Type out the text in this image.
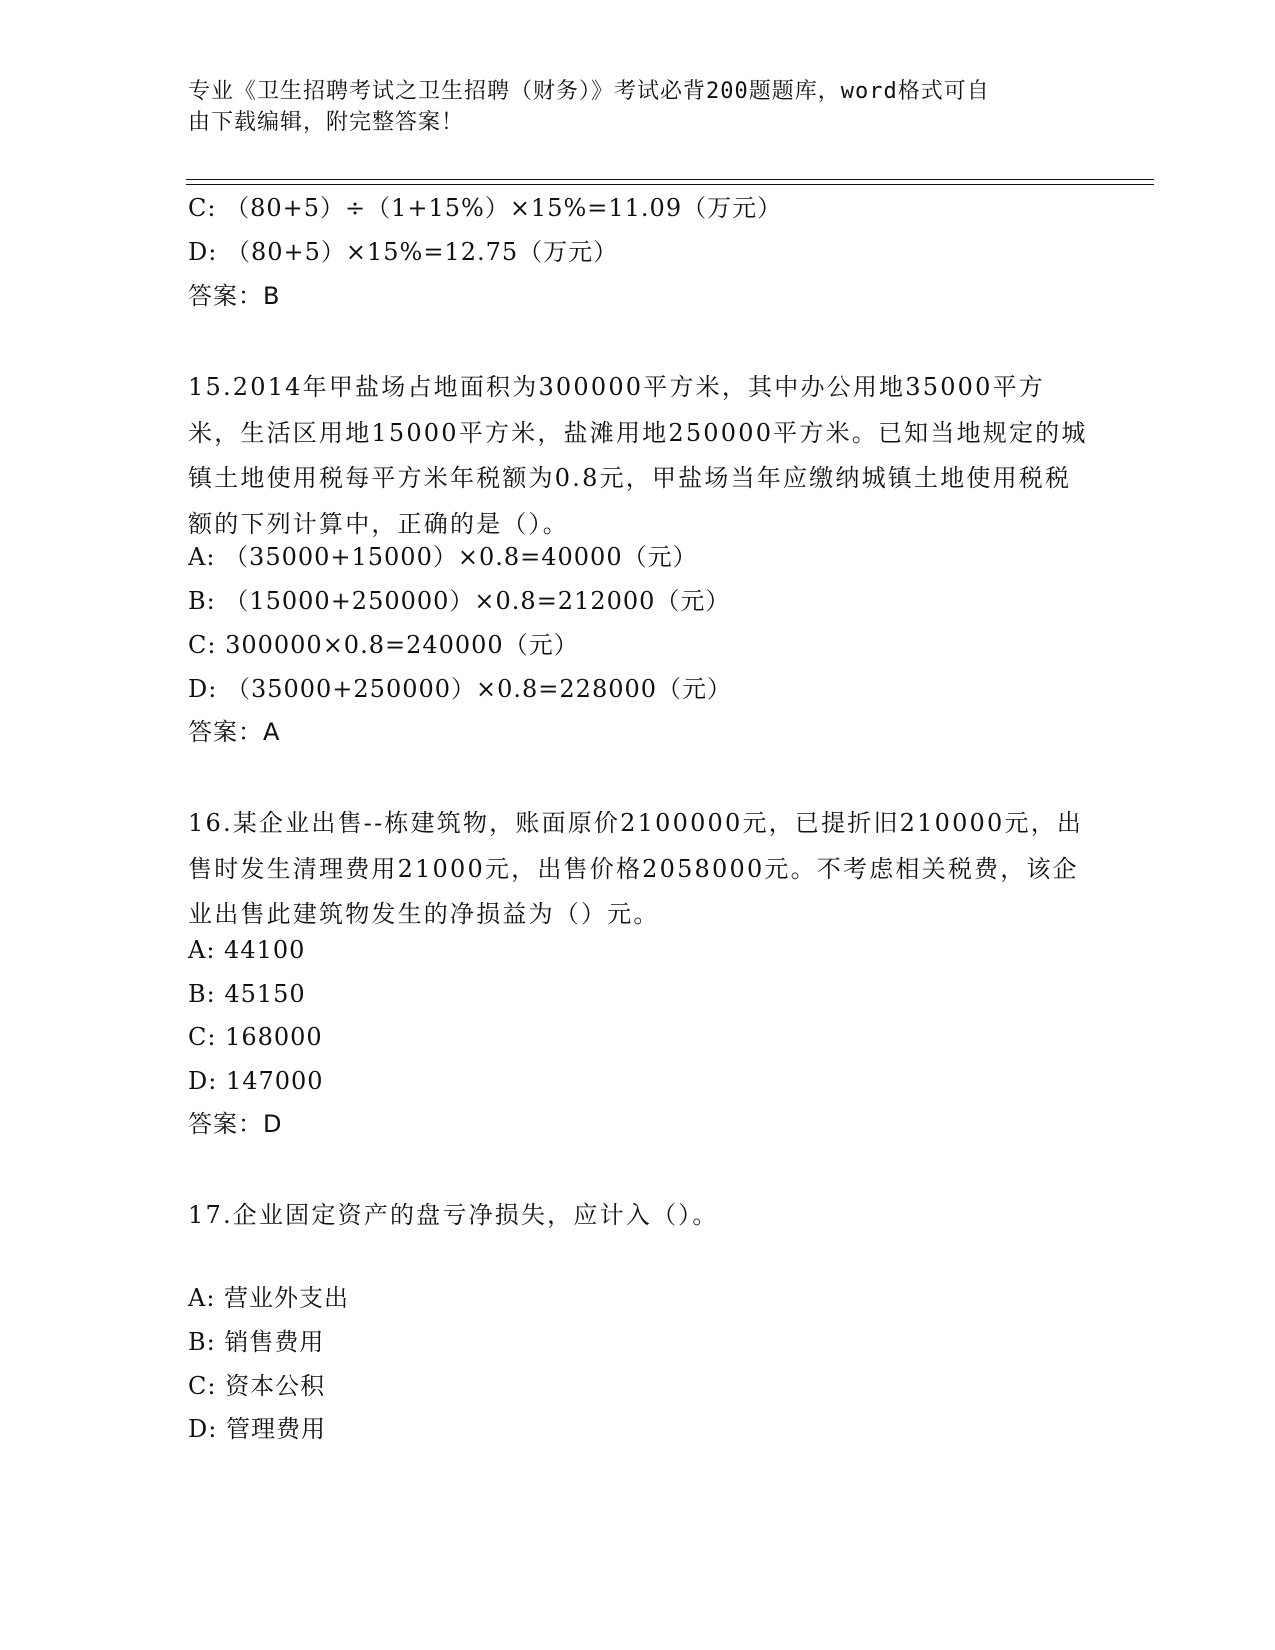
专业《卫生招聘考试之卫生招聘（财务）》考试必背200题题库，word格式可自
由下载编辑，附完整答案！
C: （80+5）÷（1+15%）×15%=11.09（万元）
D: （80+5）×15%=12.75（万元）
答案：B
15.2014年甲盐场占地面积为300000平方米，其中办公用地35000平方米，生活区用地15000平方米，盐滩用地250000平方米。已知当地规定的城镇土地使用税每平方米年税额为0.8元，甲盐场当年应缴纳城镇土地使用税税额的下列计算中，正确的是（）。
A: （35000+15000）×0.8=40000（元）
B: （15000+250000）×0.8=212000（元）
C: 300000×0.8=240000（元）
D: （35000+250000）×0.8=228000（元）
答案：A
16.某企业出售--栋建筑物，账面原价2100000元，已提折旧210000元，出售时发生清理费用21000元，出售价格2058000元。不考虑相关税费，该企业出售此建筑物发生的净损益为（）元。
A: 44100
B: 45150
C: 168000
D: 147000
答案：D
17.企业固定资产的盘亏净损失，应计入（）。
A: 营业外支出
B: 销售费用
C: 资本公积
D: 管理费用
